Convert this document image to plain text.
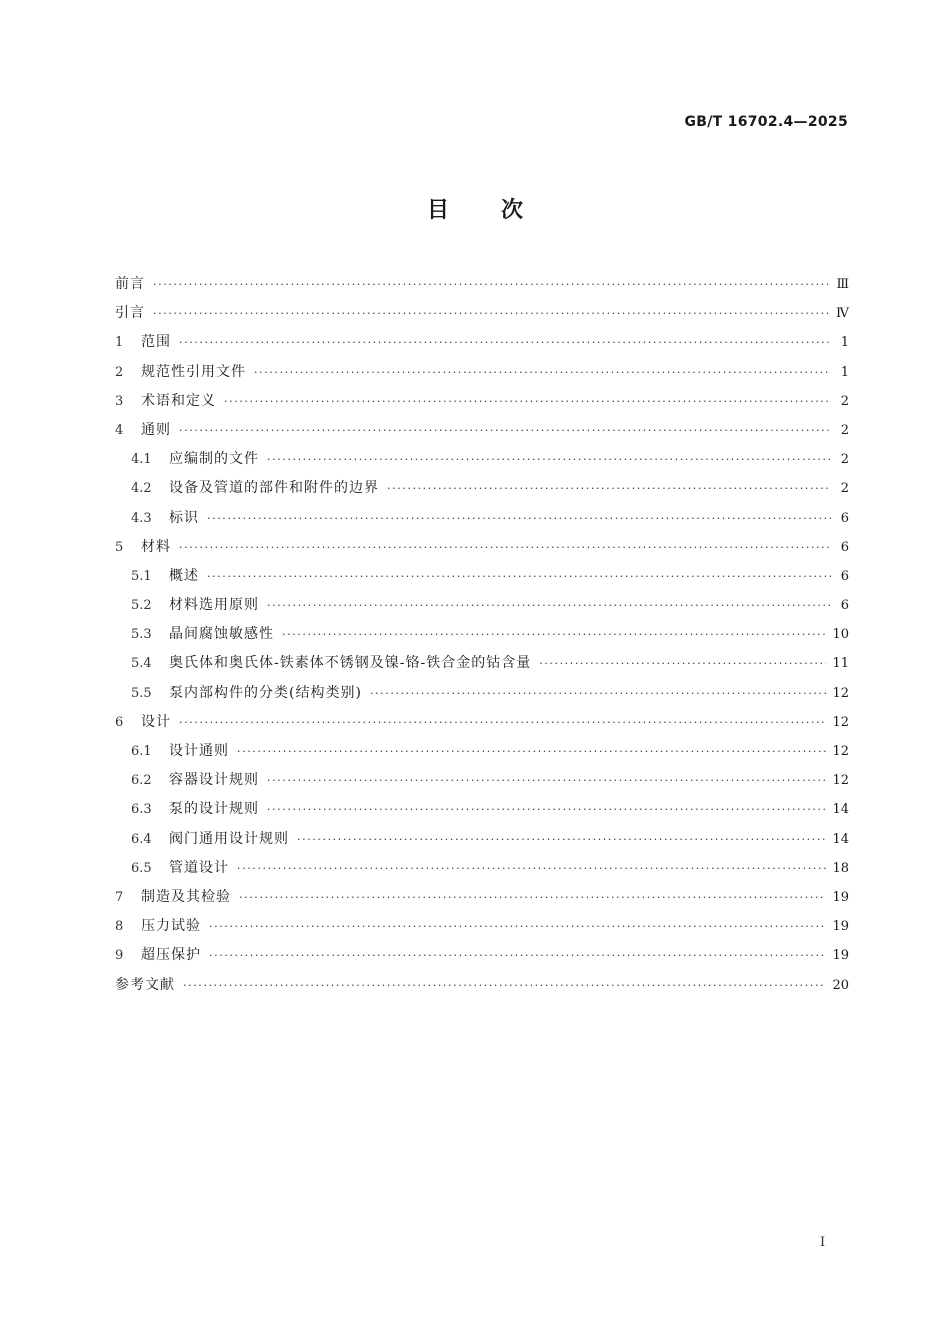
GB/T 16702.4—2025
目 次
前言 ·····	Ⅲ
引言 ·····	Ⅳ
1	范围 ·····	1
2	规范性引用文件 ·····	1
3	术语和定义 ·····	2
4	通则 ·····	2
4.1	应编制的文件 ·····	2
4.2	设备及管道的部件和附件的边界 ·····	2
4.3	标识 ·····	6
5	材料 ·····	6
5.1	概述 ·····	6
5.2	材料选用原则 ·····	6
5.3	晶间腐蚀敏感性 ·····	10
5.4	奥氏体和奥氏体-铁素体不锈钢及镍-铬-铁合金的钴含量 ·····	11
5.5	泵内部构件的分类(结构类别) ·····	12
6	设计 ·····	12
6.1	设计通则 ·····	12
6.2	容器设计规则 ·····	12
6.3	泵的设计规则 ·····	14
6.4	阀门通用设计规则 ·····	14
6.5	管道设计 ·····	18
7	制造及其检验 ·····	19
8	压力试验 ·····	19
9	超压保护 ·····	19
参考文献 ·····	20
I
